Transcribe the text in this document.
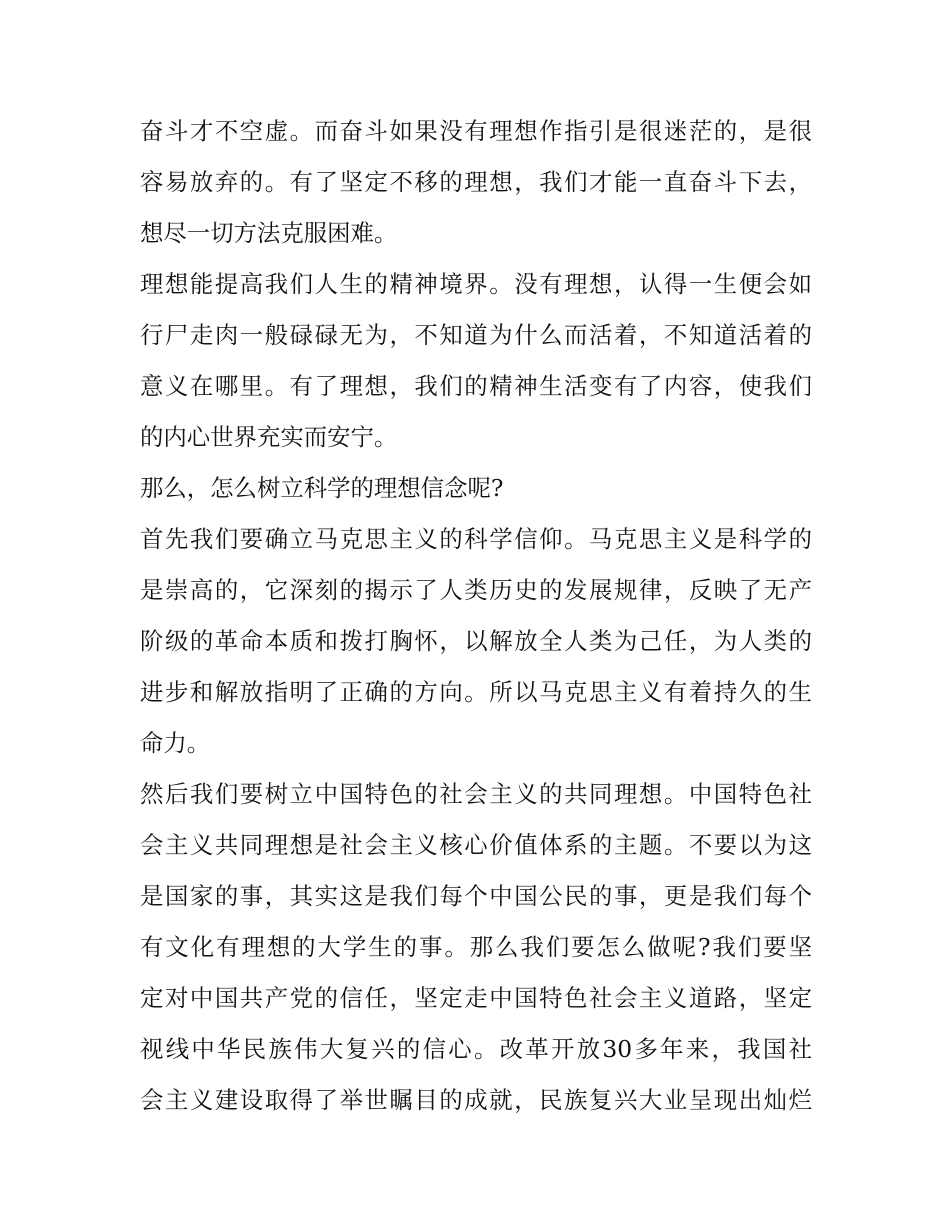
奋斗才不空虚。而奋斗如果没有理想作指引是很迷茫的，是很
容易放弃的。有了坚定不移的理想，我们才能一直奋斗下去，
想尽一切方法克服困难。
理想能提高我们人生的精神境界。没有理想，认得一生便会如
行尸走肉一般碌碌无为，不知道为什么而活着，不知道活着的
意义在哪里。有了理想，我们的精神生活变有了内容，使我们
的内心世界充实而安宁。
那么，怎么树立科学的理想信念呢?
首先我们要确立马克思主义的科学信仰。马克思主义是科学的
是崇高的，它深刻的揭示了人类历史的发展规律，反映了无产
阶级的革命本质和拨打胸怀，以解放全人类为己任，为人类的
进步和解放指明了正确的方向。所以马克思主义有着持久的生
命力。
然后我们要树立中国特色的社会主义的共同理想。中国特色社
会主义共同理想是社会主义核心价值体系的主题。不要以为这
是国家的事，其实这是我们每个中国公民的事，更是我们每个
有文化有理想的大学生的事。那么我们要怎么做呢?我们要坚
定对中国共产党的信任，坚定走中国特色社会主义道路，坚定
视线中华民族伟大复兴的信心。改革开放30多年来，我国社
会主义建设取得了举世瞩目的成就，民族复兴大业呈现出灿烂
